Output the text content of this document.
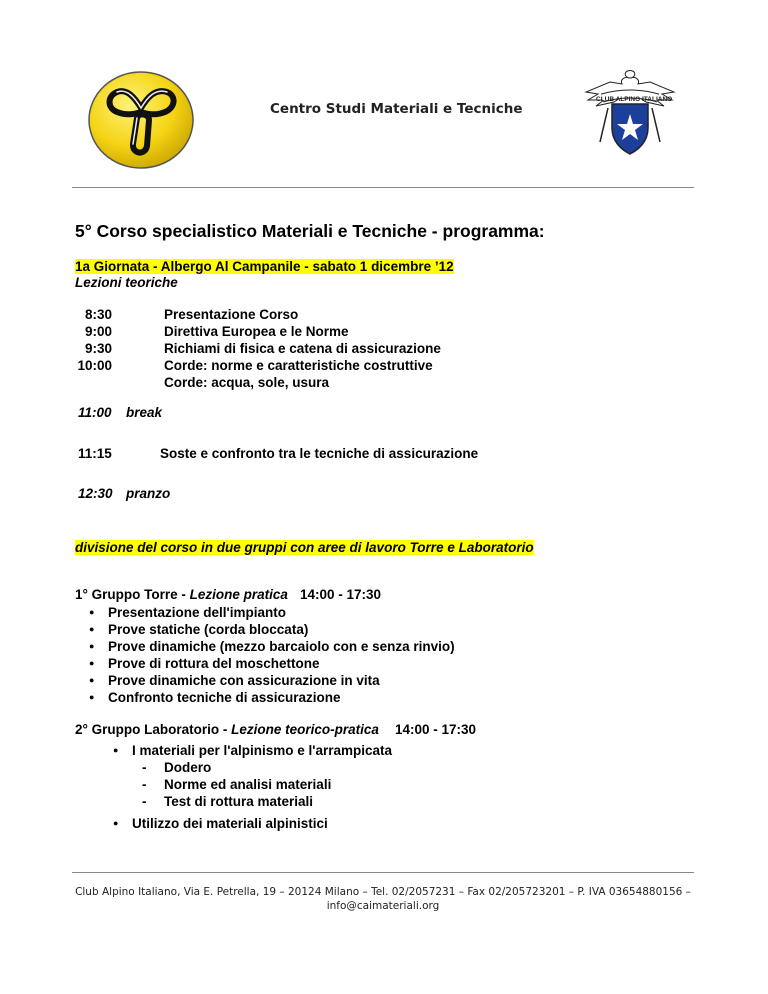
Centro Studi Materiali e Tecniche
CLUB ALPINO ITALIANO
5° Corso specialistico Materiali e Tecniche - programma:
1a Giornata - Albergo Al Campanile - sabato 1 dicembre ’12
Lezioni teoriche
8:30
9:00
9:30
10:00
Presentazione Corso
Direttiva Europea e le Norme
Richiami di fisica e catena di assicurazione
Corde: norme e caratteristiche costruttive
Corde: acqua, sole, usura
11:00 break
11:15	Soste e confronto tra le tecniche di assicurazione
12:30 pranzo
divisione del corso in due gruppi con aree di lavoro Torre e Laboratorio
1° Gruppo Torre - Lezione pratica 14:00 - 17:30
● Presentazione dell'impianto
● Prove statiche (corda bloccata)
● Prove dinamiche (mezzo barcaiolo con e senza rinvio)
● Prove di rottura del moschettone
● Prove dinamiche con assicurazione in vita
● Confronto tecniche di assicurazione
2° Gruppo Laboratorio - Lezione teorico-pratica 14:00 - 17:30
● I materiali per l'alpinismo e l'arrampicata
- Dodero
- Norme ed analisi materiali
- Test di rottura materiali
● Utilizzo dei materiali alpinistici
Club Alpino Italiano, Via E. Petrella, 19 – 20124 Milano – Tel. 02/2057231 – Fax 02/205723201 – P. IVA 03654880156 –
info@caimateriali.org
